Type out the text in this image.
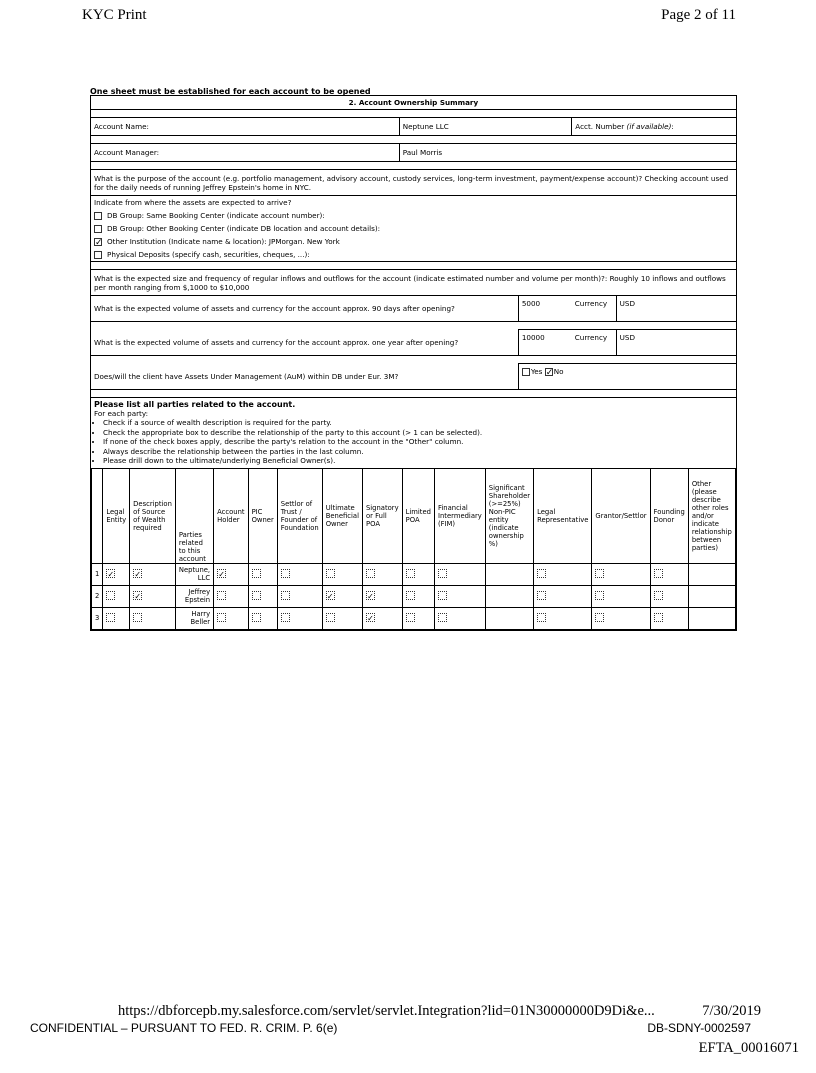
KYC Print	Page 2 of 11
One sheet must be established for each account to be opened
2. Account Ownership Summary

Account Name:	Neptune LLC	Acct. Number (if available):

Account Manager:	Paul Morris

What is the purpose of the account (e.g. portfolio management, advisory account, custody services, long-term investment, payment/expense account)? Checking account used for the daily needs of running Jeffrey Epstein's home in NYC.

Indicate from where the assets are expected to arrive?
DB Group: Same Booking Center (indicate account number):
DB Group: Other Booking Center (indicate DB location and account details):
✓ Other Institution (Indicate name & location): JPMorgan. New York
Physical Deposits (specify cash, securities, cheques, ...):

What is the expected size and frequency of regular inflows and outflows for the account (indicate estimated number and volume per month)?: Roughly 10 inflows and outflows per month ranging from $,1000 to $10,000
What is the expected volume of assets and currency for the account approx. 90 days after opening?	5000	Currency	USD

What is the expected volume of assets and currency for the account approx. one year after opening?	10000	Currency	USD

Does/will the client have Assets Under Management (AuM) within DB under Eur. 3M?	Yes ✓No

Please list all parties related to the account.
For each party:
• Check if a source of wealth description is required for the party.
• Check the appropriate box to describe the relationship of the party to this account (> 1 can be selected).
• If none of the check boxes apply, describe the party's relation to the account in the "Other" column.
• Always describe the relationship between the parties in the last column.
• Please drill down to the ultimate/underlying Beneficial Owner(s).
	Legal Entity	Description of Source of Wealth required	Parties related to this account	Account Holder	PIC Owner	Settlor of Trust / Founder of Foundation	Ultimate Beneficial Owner	Signatory or Full POA	Limited POA	Financial Intermediary (FIM)	Significant Shareholder (>=25%) Non-PIC entity (indicate ownership %)	Legal Representative	Grantor/Settlor	Founding Donor	Other (please describe other roles and/or indicate relationship between parties)
1	✓	✓	Neptune, LLC	✓											
2		✓	Jeffrey Epstein				✓	✓							
3			Harry Beller					✓							
https://dbforcepb.my.salesforce.com/servlet/servlet.Integration?lid=01N30000000D9Di&e...	7/30/2019
CONFIDENTIAL – PURSUANT TO FED. R. CRIM. P. 6(e)	DB-SDNY-0002597
EFTA_00016071
